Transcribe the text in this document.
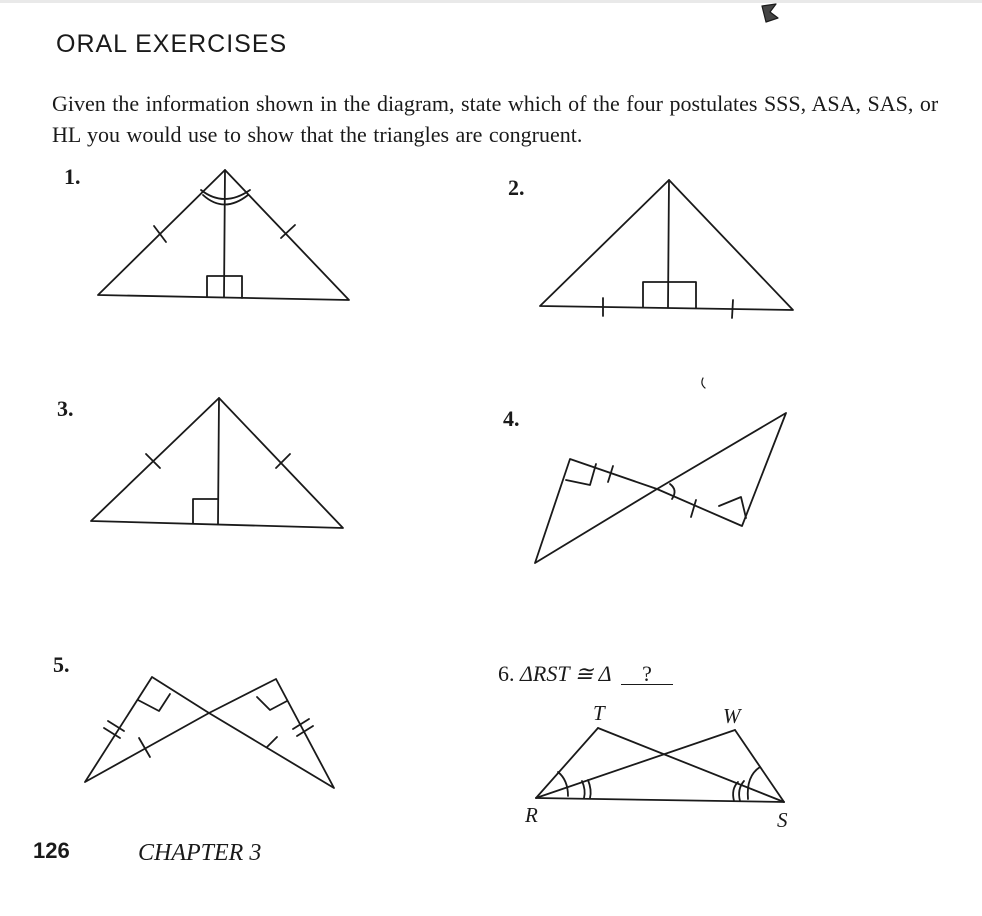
ORAL EXERCISES
Given the information shown in the diagram, state which of the four postulates SSS, ASA, SAS, or HL you would use to show that the triangles are congruent.
1.	2.
3.	4.
5.	6. ΔRST ≅ Δ ?
T	W
R	S
126	CHAPTER 3
